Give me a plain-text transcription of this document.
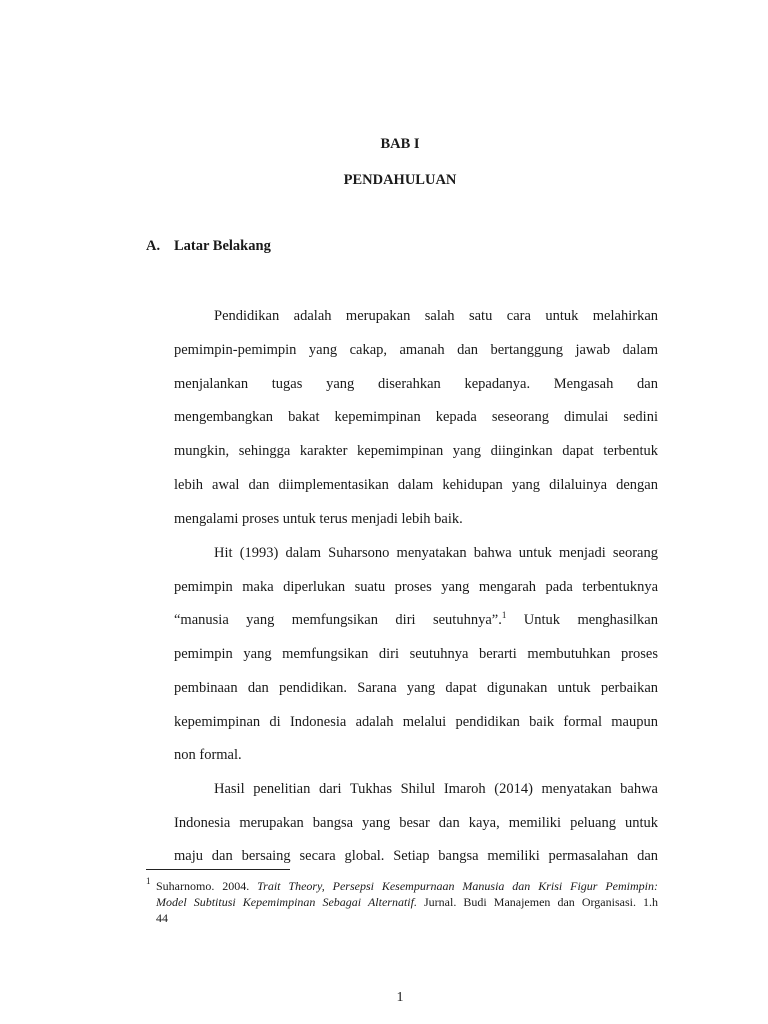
BAB I
PENDAHULUAN
A. Latar Belakang
Pendidikan adalah merupakan salah satu cara untuk melahirkan
pemimpin-pemimpin yang cakap, amanah dan bertanggung jawab dalam
menjalankan tugas yang diserahkan kepadanya. Mengasah dan
mengembangkan bakat kepemimpinan kepada seseorang dimulai sedini
mungkin, sehingga karakter kepemimpinan yang diinginkan dapat terbentuk
lebih awal dan diimplementasikan dalam kehidupan yang dilaluinya dengan
mengalami proses untuk terus menjadi lebih baik.
Hit (1993) dalam Suharsono menyatakan bahwa untuk menjadi seorang
pemimpin maka diperlukan suatu proses yang mengarah pada terbentuknya
“manusia yang memfungsikan diri seutuhnya”.$^1$ Untuk menghasilkan
pemimpin yang memfungsikan diri seutuhnya berarti membutuhkan proses
pembinaan dan pendidikan. Sarana yang dapat digunakan untuk perbaikan
kepemimpinan di Indonesia adalah melalui pendidikan baik formal maupun
non formal.
Hasil penelitian dari Tukhas Shilul Imaroh (2014) menyatakan bahwa
Indonesia merupakan bangsa yang besar dan kaya, memiliki peluang untuk
maju dan bersaing secara global. Setiap bangsa memiliki permasalahan dan
1 Suharnomo. 2004. Trait Theory, Persepsi Kesempurnaan Manusia dan Krisi Figur Pemimpin:
Model Subtitusi Kepemimpinan Sebagai Alternatif. Jurnal. Budi Manajemen dan Organisasi. 1.h
44
1
